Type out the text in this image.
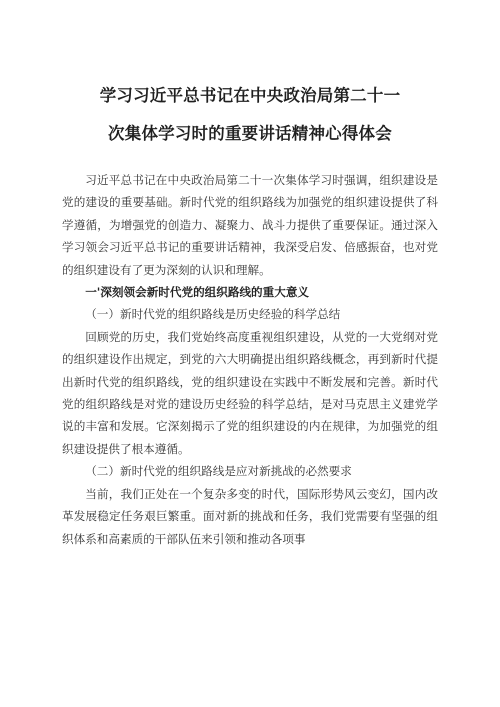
学习习近平总书记在中央政治局第二十一
次集体学习时的重要讲话精神心得体会

习近平总书记在中央政治局第二十一次集体学习时强调，组织建设是党的建设的重要基础。新时代党的组织路线为加强党的组织建设提供了科学遵循，为增强党的创造力、凝聚力、战斗力提供了重要保证。通过深入学习领会习近平总书记的重要讲话精神，我深受启发、倍感振奋，也对党的组织建设有了更为深刻的认识和理解。

一'深刻领会新时代党的组织路线的重大意义

（一）新时代党的组织路线是历史经验的科学总结

回顾党的历史，我们党始终高度重视组织建设，从党的一大党纲对党的组织建设作出规定，到党的六大明确提出组织路线概念，再到新时代提出新时代党的组织路线，党的组织建设在实践中不断发展和完善。新时代党的组织路线是对党的建设历史经验的科学总结，是对马克思主义建党学说的丰富和发展。它深刻揭示了党的组织建设的内在规律，为加强党的组织建设提供了根本遵循。

（二）新时代党的组织路线是应对新挑战的必然要求

当前，我们正处在一个复杂多变的时代，国际形势风云变幻，国内改革发展稳定任务艰巨繁重。面对新的挑战和任务，我们党需要有坚强的组织体系和高素质的干部队伍来引领和推动各项事
